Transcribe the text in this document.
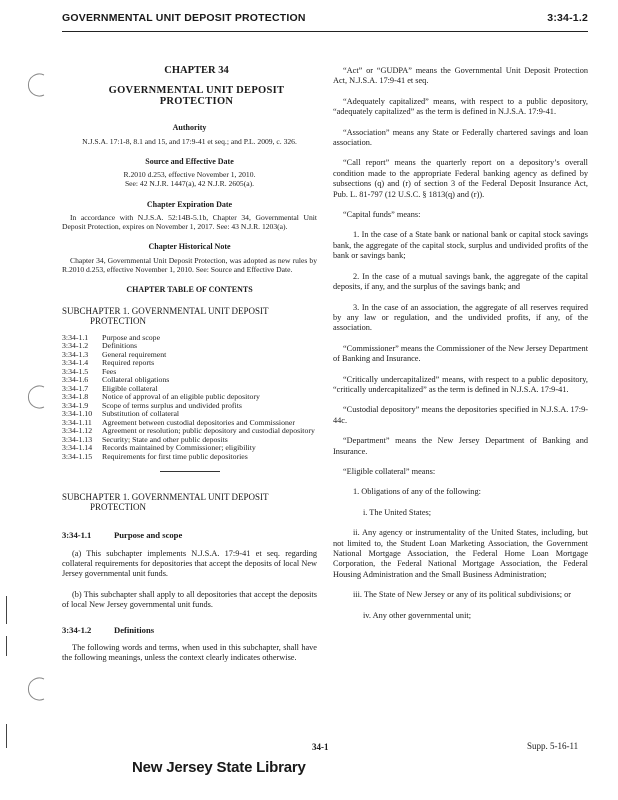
GOVERNMENTAL UNIT DEPOSIT PROTECTION	3:34-1.2
CHAPTER 34
GOVERNMENTAL UNIT DEPOSIT PROTECTION
Authority
N.J.S.A. 17:1-8, 8.1 and 15, and 17:9-41 et seq.; and P.L. 2009, c. 326.
Source and Effective Date
R.2010 d.253, effective November 1, 2010.
See: 42 N.J.R. 1447(a), 42 N.J.R. 2605(a).
Chapter Expiration Date
In accordance with N.J.S.A. 52:14B-5.1b, Chapter 34, Governmental Unit Deposit Protection, expires on November 1, 2017. See: 43 N.J.R. 1203(a).
Chapter Historical Note
Chapter 34, Governmental Unit Deposit Protection, was adopted as new rules by R.2010 d.253, effective November 1, 2010. See: Source and Effective Date.
CHAPTER TABLE OF CONTENTS
SUBCHAPTER 1. GOVERNMENTAL UNIT DEPOSIT
PROTECTION
3:34-1.1	Purpose and scope
3:34-1.2	Definitions
3:34-1.3	General requirement
3:34-1.4	Required reports
3:34-1.5	Fees
3:34-1.6	Collateral obligations
3:34-1.7	Eligible collateral
3:34-1.8	Notice of approval of an eligible public depository
3:34-1.9	Scope of terms surplus and undivided profits
3:34-1.10	Substitution of collateral
3:34-1.11	Agreement between custodial depositories and Commissioner
3:34-1.12	Agreement or resolution; public depository and custodial depository
3:34-1.13	Security; State and other public deposits
3:34-1.14	Records maintained by Commissioner; eligibility
3:34-1.15	Requirements for first time public depositories
SUBCHAPTER 1. GOVERNMENTAL UNIT DEPOSIT
PROTECTION
3:34-1.1	Purpose and scope

(a) This subchapter implements N.J.S.A. 17:9-41 et seq. regarding collateral requirements for depositories that accept the deposits of local New Jersey governmental unit funds.

(b) This subchapter shall apply to all depositories that accept the deposits of local New Jersey governmental unit funds.

3:34-1.2	Definitions

The following words and terms, when used in this subchapter, shall have the following meanings, unless the context clearly indicates otherwise.

“Act” or “GUDPA” means the Governmental Unit Deposit Protection Act, N.J.S.A. 17:9-41 et seq.

“Adequately capitalized” means, with respect to a public depository, “adequately capitalized” as the term is defined in N.J.S.A. 17:9-41.

“Association” means any State or Federally chartered savings and loan association.

“Call report” means the quarterly report on a depository’s overall condition made to the appropriate Federal banking agency as defined by subsections (q) and (r) of section 3 of the Federal Deposit Insurance Act, Pub. L. 81-797 (12 U.S.C. § 1813(q) and (r)).

“Capital funds” means:

1. In the case of a State bank or national bank or capital stock savings bank, the aggregate of the capital stock, surplus and undivided profits of the bank or savings bank;

2. In the case of a mutual savings bank, the aggregate of the capital deposits, if any, and the surplus of the savings bank; and

3. In the case of an association, the aggregate of all reserves required by any law or regulation, and the undivided profits, if any, of the association.

“Commissioner” means the Commissioner of the New Jersey Department of Banking and Insurance.

“Critically undercapitalized” means, with respect to a public depository, “critically undercapitalized” as the term is defined in N.J.S.A. 17:9-41.

“Custodial depository” means the depositories specified in N.J.S.A. 17:9-44c.

“Department” means the New Jersey Department of Banking and Insurance.

“Eligible collateral” means:

1. Obligations of any of the following:

i. The United States;

ii. Any agency or instrumentality of the United States, including, but not limited to, the Student Loan Marketing Association, the Government National Mortgage Association, the Federal Home Loan Mortgage Corporation, the Federal National Mortgage Association, the Federal Housing Administration and the Small Business Administration;

iii. The State of New Jersey or any of its political subdivisions; or

iv. Any other governmental unit;

34-1	Supp. 5-16-11
New Jersey State Library
